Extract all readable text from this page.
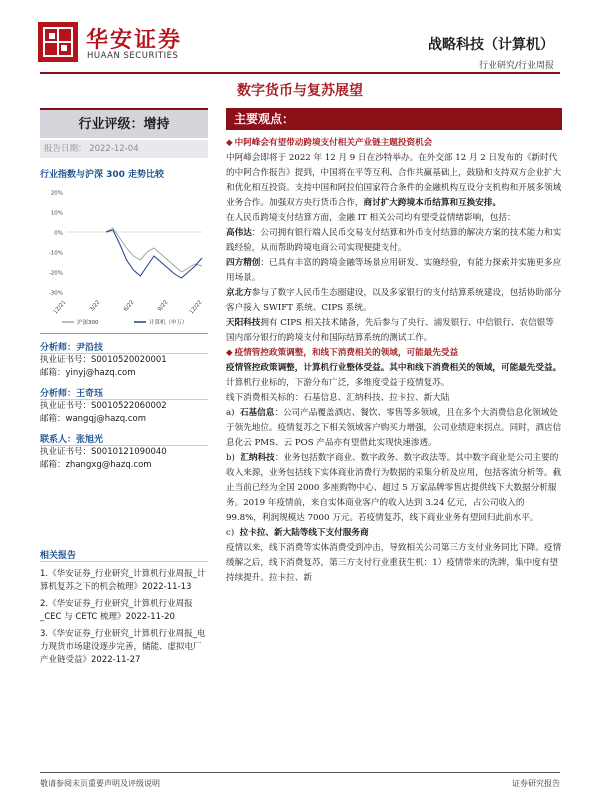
华安证券
HUAAN SECURITIES
战略科技（计算机）
行业研究/行业周报
数字货币与复苏展望
行业评级：增持
报告日期： 2022-12-04
行业指数与沪深 300 走势比较
20%
10%
0%
-10%
-20%
-30%
12/21	3/22	6/22	9/22	12/22
沪深300	计算机（申万）
分析师：尹沿技
执业证书号：S0010520020001
邮箱：yinyj@hazq.com
分析师：王奇珏
执业证书号：S0010522060002
邮箱：wangqj@hazq.com
联系人：张旭光
执业证书号：S0010121090040
邮箱：zhangxg@hazq.com
相关报告
1.《华安证券_行业研究_计算机行业周报_计算机复苏之下的机会梳理》2022-11-13
2.《华安证券_行业研究_计算机行业周报_CEC 与 CETC 梳理》2022-11-20
3.《华安证券_行业研究_计算机行业周报_电力现货市场建设逐步完善，储能、虚拟电厂产业链受益》2022-11-27
主要观点：
◆ 中阿峰会有望带动跨境支付相关产业链主题投资机会
中阿峰会即将于 2022 年 12 月 9 日在沙特举办。在外交部 12 月 2 日发布的《新时代的中阿合作报告》提到，中国将在平等互利、合作共赢基础上，鼓励和支持双方企业扩大和优化相互投资。支持中国和阿拉伯国家符合条件的金融机构互设分支机构和开展多领域业务合作。加强双方央行货币合作，商讨扩大跨境本币结算和互换安排。
在人民币跨境支付结算方面，金融 IT 相关公司均有望受益情绪影响，包括：
高伟达：公司拥有银行端人民币交易支付结算和外币支付结算的解决方案的技术能力和实践经验，从而帮助跨境电商公司实现便捷支付。
四方精创：已具有丰富的跨境金融等场景应用研发、实施经验，有能力探索并实施更多应用场景。
京北方参与了数字人民币生态圈建设，以及多家银行的支付结算系统建设，包括协助部分客户接入 SWIFT 系统、CIPS 系统。
天阳科技拥有 CIPS 相关技术储备，先后参与了央行、浦发银行、中信银行、农信银等国内部分银行的跨境支付和国际结算系统的测试工作。
◆ 疫情管控政策调整，和线下消费相关的领域，可能最先受益
疫情管控政策调整，计算机行业整体受益。其中和线下消费相关的领域，可能最先受益。
计算机行业标的，下游分布广泛，多维度受益于疫情复苏。
线下消费相关标的：石基信息、汇纳科技、拉卡拉、新大陆
a) 石基信息：公司产品覆盖酒店、餐饮、零售等多领域，且在多个大消费信息化领域处于领先地位。疫情复苏之下相关领域客户购买力增强，公司业绩迎来拐点。同时，酒店信息化云 PMS、云 POS 产品亦有望借此实现快速渗透。
b) 汇纳科技：业务包括数字商业、数字政务、数字政法等。其中数字商业是公司主要的收入来源，业务包括线下实体商业消费行为数据的采集分析及应用，包括客流分析等。截止当前已经为全国 2000 多座购物中心、超过 5 万家品牌零售店提供线下大数据分析服务。2019 年疫情前，来自实体商业客户的收入达到 3.24 亿元，占公司收入的 99.8%，利润规模达 7000 万元。若疫情复苏，线下商业业务有望回归此前水平。
c) 拉卡拉、新大陆等线下支付服务商
疫情以来，线下消费等实体消费受到冲击，导致相关公司第三方支付业务同比下降。疫情缓解之后，线下消费复苏，第三方支付行业重获生机：1）疫情带来的洗牌，集中度有望持续提升。拉卡拉、新
敬请参阅末页重要声明及评级说明	证券研究报告
